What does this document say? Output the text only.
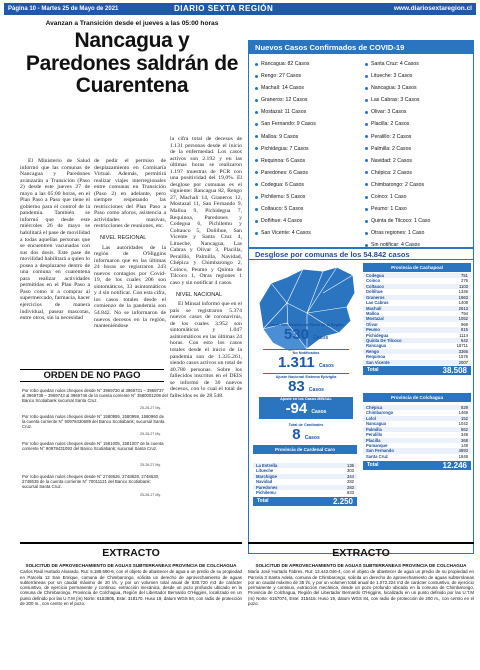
Página 10 - Martes 25 de Mayo de 2021	DIARIO SEXTA REGIÓN	www.diariosextaregion.cl
Avanzan a Transición desde el jueves a las 05:00 horas
Nancagua y Paredones saldrán de Cuarentena

El Ministerio de Salud informó que las comunas de Nancagua y Paredones avanzarán a Transición (Paso 2) desde este jueves 27 de mayo a las 05:00 horas, en el Plan Paso a Paso que tiene el gobierno para el control de la pandemia. También se informó que desde este miércoles 26 de mayo se habilitará el pase de movilidad a todas aquellas personas que se encuentren vacunadas con sus dos dosis. Este pase de movilidad habilitará a quien lo posea a desplazarse dentro de una comuna en cuarentena para realizar actividades permitidas en el Plan Paso a Paso como ir a comprar al supermercado, farmacia, hacer ejercicios de manera individual, pasear mascotas, entre otros, sin la necesidad

de pedir el permiso de desplazamiento en Comisaría Virtual. Además, permitirá realizar viajes interregionales entre comunas en Transición (Paso 2) en adelante, pero siempre respetando las restricciones del Plan Paso a Paso como aforos, asistencia a actividades masivas, restricciones de reuniones, etc.

NIVEL REGIONAL

Las autoridades de la región de O'Higgins informaron que en las últimas 24 horas se registraron 243 nuevos contagios por Covid-19, de los cuales 206 son sintomáticos, 33 asintomáticos y 4 sin notificar. Con esta cifra, los casos totales desde el comienzo de la pandemia son 54.842. No se informaron de nuevos decesos en la región, manteniéndose

la cifra total de decesos de 1.131 personas desde el inicio de la enfermedad. Los casos activos son 2.192 y en las últimas horas se realizaron 1.197 muestras de PCR con una positividad del 19,0%. El desglose por comunas es el siguiente: Rancagua 82, Rengo 27, Machalí 14, Graneros 12, Mostazal 11, San Fernando 9, Malloa 9, Pichidegua 7, Requinoa, Paredones y Codegua 6, Pichilemu y Coltauco 5, Doñihue, San Vicente y Santa Cruz 4, Litueche, Nancagua, Las Cabras y Olivar 3, Placilla, Peralillo, Palmilla, Navidad, Chépica y Chimbarongo 2, Coinco, Peumo y Quinta de Tilcoco 1, Otras regiones 1 caso y sin notificar 4 casos.

NIVEL NACIONAL

El Minsal informó que en el país se registraron 5.374 nuevos casos de coronavirus, de los cuales 3.952 son sintomáticos y 1.047 asintomáticos en las últimas 24 horas. Con esto los casos totales desde el inicio de la pandemia son de 1.335.261, siendo casos activos un total de 40.780 personas. Sobre los fallecidos inscritos en el DEIS se informó de 30 nuevos decesos, con lo cual el total de fallecidos es de 28.548.

ORDEN DE NO PAGO
Por robo quedan nulos cheques desde N° 3969730 al 3969731 – 3969737 al 3969738 – 3969743 al 3969746 de la cuenta corriente N° 3580001208 del Banco Scotiabank sucursal Santa Cruz.
25-26-27 My.
Por robo quedan nulos cheques desde N° 1580955, 1580959, 1580960 de la cuenta corriente N° 90978430689 del Banco Scotiabank; sucursal Santa Cruz.
25-26-27 My.
Por robo quedan nulos cheques desde N° 1581005, 1581007 de la cuenta corriente N° 90978431092 del Banco Scotiabank; sucursal Santa Cruz.
25-26-27 My.
Por robo quedan nulos cheques desde N° 2748626, 2748628, 2748630, 2748635 de la cuenta corriente N° 70011121 del Banco Scotiabank; sucursal Santa Cruz.
25-26-27 My.
Nuevos Casos Confirmados de COVID-19
Rancagua: 82 Casos
Rengo: 27 Casos
Machalí: 14 Casos
Graneros: 12 Casos
Mostazal: 11 Casos
San Fernando: 9 Casos
Malloa: 9 Casos
Pichidegua: 7 Casos
Requinoa: 6 Casos
Paredones: 6 Casos
Codegua: 6 Casos
Pichilemu: 5 Casos
Coltauco: 5 Casos
Doñihue: 4 Casos
San Vicente: 4 Casos
Santa Cruz: 4 Casos
Litueche: 3 Casos
Nancagua: 3 Casos
Las Cabras: 3 Casos
Olivar: 3 Casos
Placilla: 2 Casos
Peralillo: 2 Casos
Palmilla: 2 Casos
Navidad: 2 Casos
Chépica: 2 Casos
Chimbarongo: 2 Casos
Coinco: 1 Caso
Peumo: 1 Caso
Quinta de Tilcoco: 1 Caso
Otras regiones: 1 Caso
Sin notificar: 4 Casos
Desglose por comunas de los 54.842 casos
Casos con Residencia Fuera de la Región
530 Casos
No Notificados
1.311 Casos
Ajuste Nacional Sistema Epivigila
83 Casos
Ajuste en los Casos MINSAL
-94 Casos
Total de Cardinales
8 Casos
Provincia de Cardenal Caro
La Estrella	136
Litueche	303
Marchigüe	344
Navidad	282
Paredones	283
Pichilemu	833
Total	2.250
Provincia de Cachapoal
Codegua	751
Coinco	276
Coltauco	1103
Doñihue	1346
Graneros	1963
Las Cabras	1408
Machalí	2613
Malloa	794
Mostazal	1052
Olivar	968
Peumo	815
Pichidegua	1114
Quinta De Tilcoco	642
Rancagua	18711
Rengo	3366
Requinoa	1576
San Vicente	2007
Total	38.508
Provincia de Colchagua
Chépica	829
Chimbarongo	1469
Lolol	152
Nancagua	1042
Palmilla	662
Peralillo	348
Placilla	368
Pumanque	149
San Fernando	4893
Santa Cruz	1848
Total	12.246
EXTRACTO
SOLICITUD DE APROVECHAMIENTO DE AGUAS SUBTERRANEAS PROVINCIA DE COLCHAGUA
Carlos Raúl Hurtado Alvarado, Rut: 5.189.690-6, con el objeto de abastecer de agua a un predio de su propiedad en Parcela 12 San Enrique, comuna de Chimbarongo, solicita un derecho de aprovechamiento de aguas subterráneas por un caudal máximo de 20 l/s, y por un volumen total anual de 630.720 m3 de carácter consuntivo, de ejercicio permanente y continuo, extracción mecánica, desde un pozo profundo ubicado en la comuna de Chimbarongo, Provincia de Colchagua, Región del Libertador Bernardo O'Higgins, localizado en un punto definido por las U.T.M (m) Norte: 6153805, Este: 318170. Huso 19, datum WGS 84, con radio de protección de 200 m., con centro en el pozo.
EXTRACTO
SOLICITUD DE APROVECHAMIENTO DE AGUAS SUBTERRANEAS PROVINCIA DE COLCHAGUA
María José Hurtado Fabres, Rut: 13.442.046-4, con el objeto de abastecer de agua un predio de su propiedad en Parcela 3 Santa Adela, comuna de Chimbarongo, solicita un derecho de aprovechamiento de aguas subterráneas por un caudal máximo de 35 l/s, y por un volumen total anual de 1.072.224 m3 de carácter consuntivo, de ejercicio permanente y continuo, extracción mecánica, desde un pozo profundo ubicado en la comuna de Chimbarongo, Provincia de Colchagua, Región del Libertador Bernardo O'Higgins, localizado en un punto definido por las U.T.M (m) Norte: 6157074, Este: 315416. Huso 19, datum WGS 84, con radio de protección de 200 m., con centro en el pozo.
